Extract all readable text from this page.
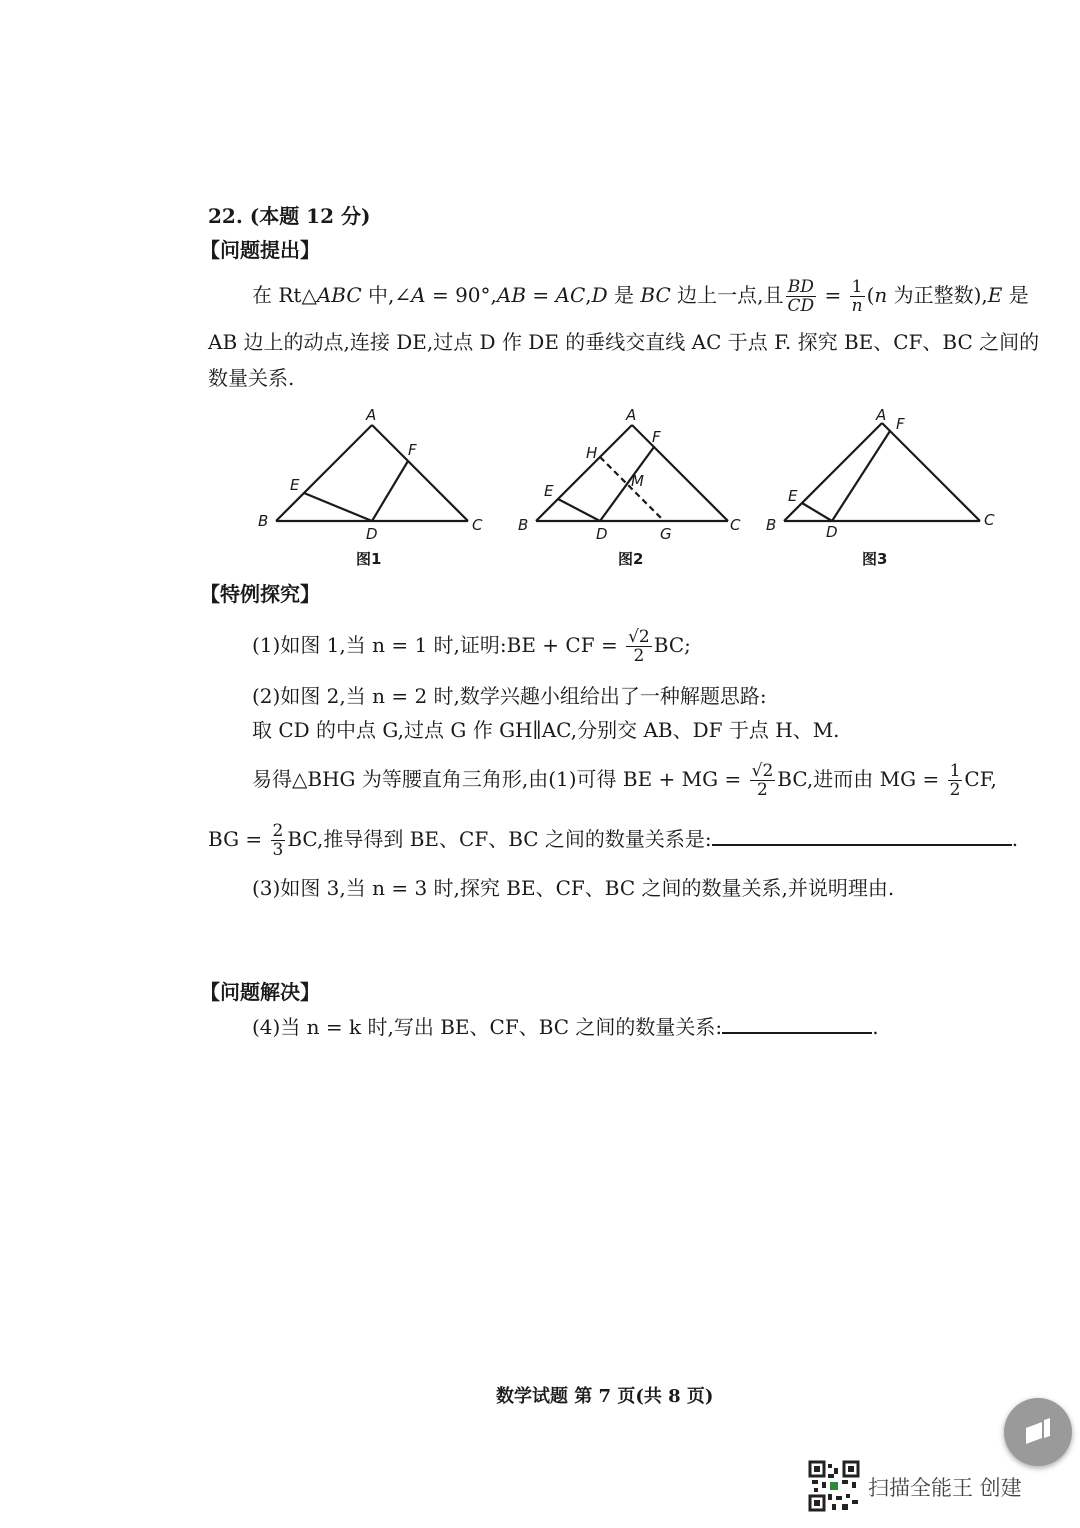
22. (本题 12 分)
【问题提出】
在 Rt△ABC 中,∠A = 90°,AB = AC,D 是 BC 边上一点,且 $\frac{BD}{CD} = \frac{1}{n} (n$ 为正整数),E 是
AB 边上的动点,连接 DE,过点 D 作 DE 的垂线交直线 AC 于点 F. 探究 BE、CF、BC 之间的
数量关系.
A
B	C
D
E
F
A
B	C
D
E
F
G
H
M
A
B	C
D
E
F
图1	图2	图3
【特例探究】
(1)如图 1,当 n = 1 时,证明:BE + CF = $\frac{√2}{2}$ BC;
(2)如图 2,当 n = 2 时,数学兴趣小组给出了一种解题思路:
取 CD 的中点 G,过点 G 作 GH∥AC,分别交 AB、DF 于点 H、M.
易得△BHG 为等腰直角三角形,由(1)可得 BE + MG = $\frac{√2}{2}$ BC,进而由 MG = $\frac{1}{2}$ CF,
BG = $\frac{2}{3}$ BC,推导得到 BE、CF、BC 之间的数量关系是:	.
(3)如图 3,当 n = 3 时,探究 BE、CF、BC 之间的数量关系,并说明理由.
【问题解决】
(4)当 n = k 时,写出 BE、CF、BC 之间的数量关系:	.
数学试题 第 7 页(共 8 页)
扫描全能王 创建
